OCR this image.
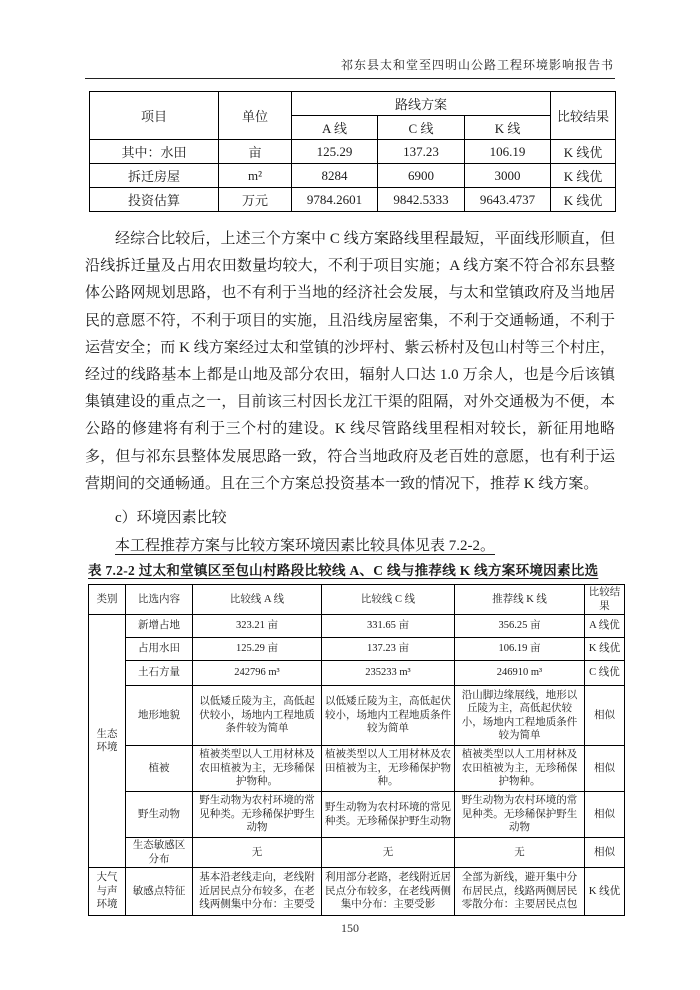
祁东县太和堂至四明山公路工程环境影响报告书
项目	单位	路线方案			比较结果
		A 线	C 线	K 线	
其中：水田	亩	125.29	137.23	106.19	K 线优
拆迁房屋	m²	8284	6900	3000	K 线优
投资估算	万元	9784.2601	9842.5333	9643.4737	K 线优

经综合比较后，上述三个方案中 C 线方案路线里程最短，平面线形顺直，但沿线拆迁量及占用农田数量均较大，不利于项目实施；A 线方案不符合祁东县整体公路网规划思路，也不有利于当地的经济社会发展，与太和堂镇政府及当地居民的意愿不符，不利于项目的实施，且沿线房屋密集，不利于交通畅通，不利于运营安全；而 K 线方案经过太和堂镇的沙坪村、紫云桥村及包山村等三个村庄，经过的线路基本上都是山地及部分农田，辐射人口达 1.0 万余人，也是今后该镇集镇建设的重点之一，目前该三村因长龙江干渠的阻隔，对外交通极为不便，本公路的修建将有利于三个村的建设。K 线尽管路线里程相对较长，新征用地略多，但与祁东县整体发展思路一致，符合当地政府及老百姓的意愿，也有利于运营期间的交通畅通。且在三个方案总投资基本一致的情况下，推荐 K 线方案。

c）环境因素比较

本工程推荐方案与比较方案环境因素比较具体见表 7.2-2。

表 7.2-2 过太和堂镇区至包山村路段比较线 A、C 线与推荐线 K 线方案环境因素比选
类别	比选内容	比较线 A 线	比较线 C 线	推荐线 K 线	比较结果
生态环境	新增占地	323.21 亩	331.65 亩	356.25 亩	A 线优
	占用水田	125.29 亩	137.23 亩	106.19 亩	K 线优
	土石方量	242796 m³	235233 m³	246910 m³	C 线优
	地形地貌	以低矮丘陵为主，高低起伏较小，场地内工程地质条件较为简单	以低矮丘陵为主，高低起伏较小，场地内工程地质条件较为简单	沿山脚边缘展线，地形以丘陵为主，高低起伏较小，场地内工程地质条件较为简单	相似
	植被	植被类型以人工用材林及农田植被为主，无珍稀保护物种。	植被类型以人工用材林及农田植被为主，无珍稀保护物种。	植被类型以人工用材林及农田植被为主，无珍稀保护物种。	相似
	野生动物	野生动物为农村环境的常见种类。无珍稀保护野生动物	野生动物为农村环境的常见种类。无珍稀保护野生动物	野生动物为农村环境的常见种类。无珍稀保护野生动物	相似
	生态敏感区分布	无	无	无	相似
大气与声环境	敏感点特征	基本沿老线走向，老线附近居民点分布较多，在老线两侧集中分布：主要受	利用部分老路，老线附近居民点分布较多，在老线两侧集中分布：主要受影	全部为新线，避开集中分布居民点，线路两侧居民零散分布：主要居民点包	K 线优
150
